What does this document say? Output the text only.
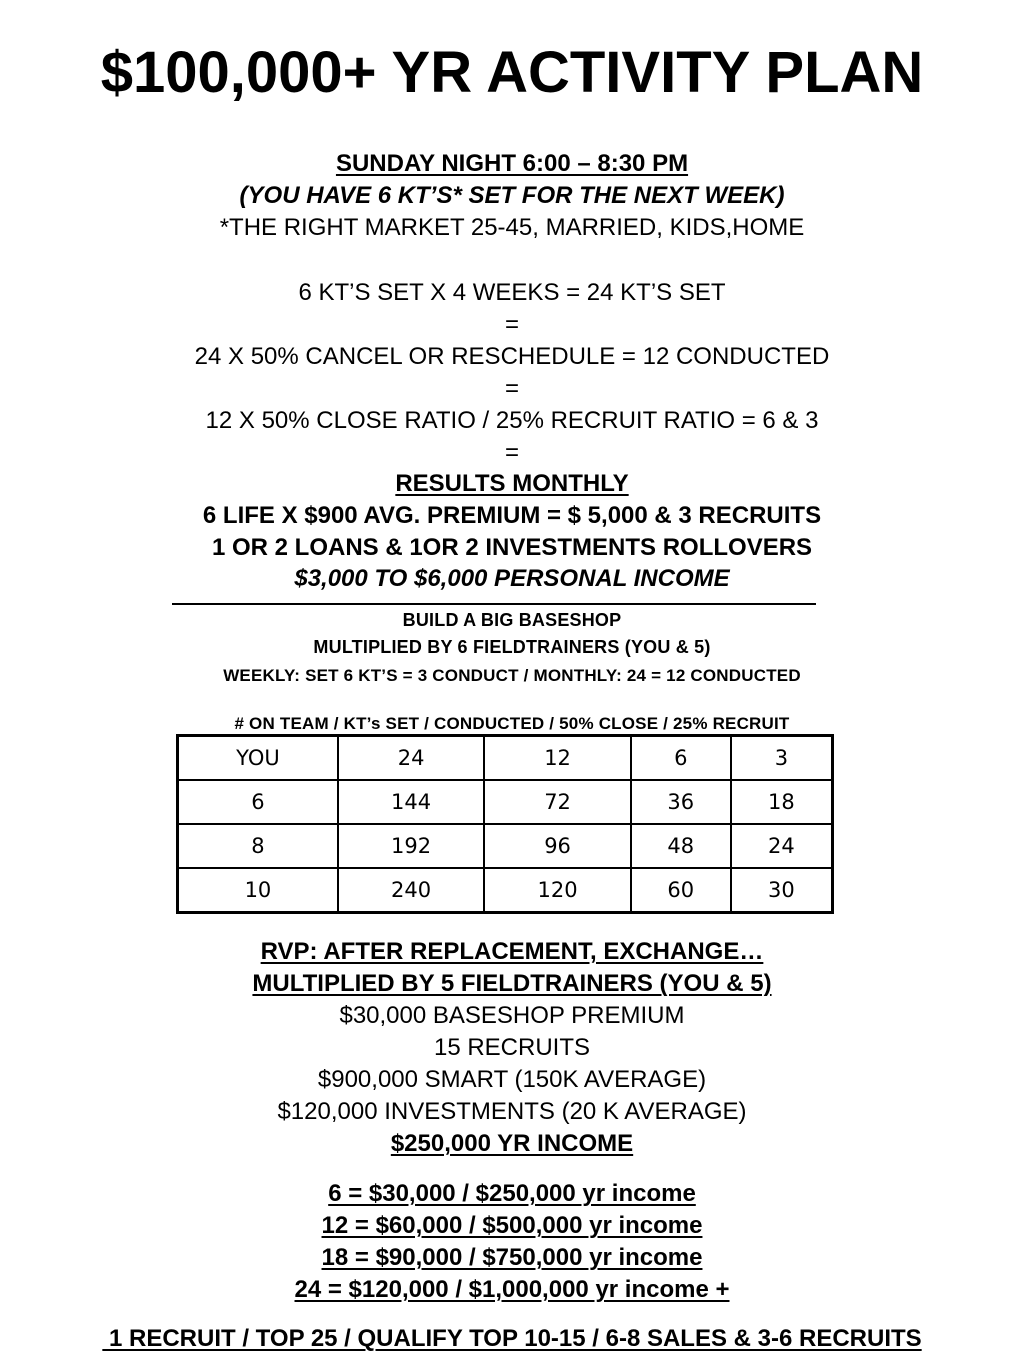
$100,000+ YR ACTIVITY PLAN
SUNDAY NIGHT 6:00 – 8:30 PM
(YOU HAVE 6 KT’S* SET FOR THE NEXT WEEK)
*THE RIGHT MARKET 25-45, MARRIED, KIDS,HOME
6 KT’S SET X 4 WEEKS = 24 KT’S SET
=
24 X 50% CANCEL OR RESCHEDULE = 12 CONDUCTED
=
12 X 50% CLOSE RATIO / 25% RECRUIT RATIO = 6 & 3
=
RESULTS MONTHLY
6 LIFE X $900 AVG. PREMIUM = $ 5,000 & 3 RECRUITS
1 OR 2 LOANS & 1OR 2 INVESTMENTS ROLLOVERS
$3,000 TO $6,000 PERSONAL INCOME
BUILD A BIG BASESHOP
MULTIPLIED BY 6 FIELDTRAINERS (YOU & 5)
WEEKLY: SET 6 KT’S = 3 CONDUCT / MONTHLY: 24 = 12 CONDUCTED
# ON TEAM / KT’s SET / CONDUCTED / 50% CLOSE / 25% RECRUIT
YOU	24	12	6	3
6	144	72	36	18
8	192	96	48	24
10	240	120	60	30
RVP: AFTER REPLACEMENT, EXCHANGE…
MULTIPLIED BY 5 FIELDTRAINERS (YOU & 5)
$30,000 BASESHOP PREMIUM
15 RECRUITS
$900,000 SMART (150K AVERAGE)
$120,000 INVESTMENTS (20 K AVERAGE)
$250,000 YR INCOME
6 = $30,000 / $250,000 yr income
12 = $60,000 / $500,000 yr income
18 = $90,000 / $750,000 yr income
24 = $120,000 / $1,000,000 yr income +
1 RECRUIT / TOP 25 / QUALIFY TOP 10-15 / 6-8 SALES & 3-6 RECRUITS
